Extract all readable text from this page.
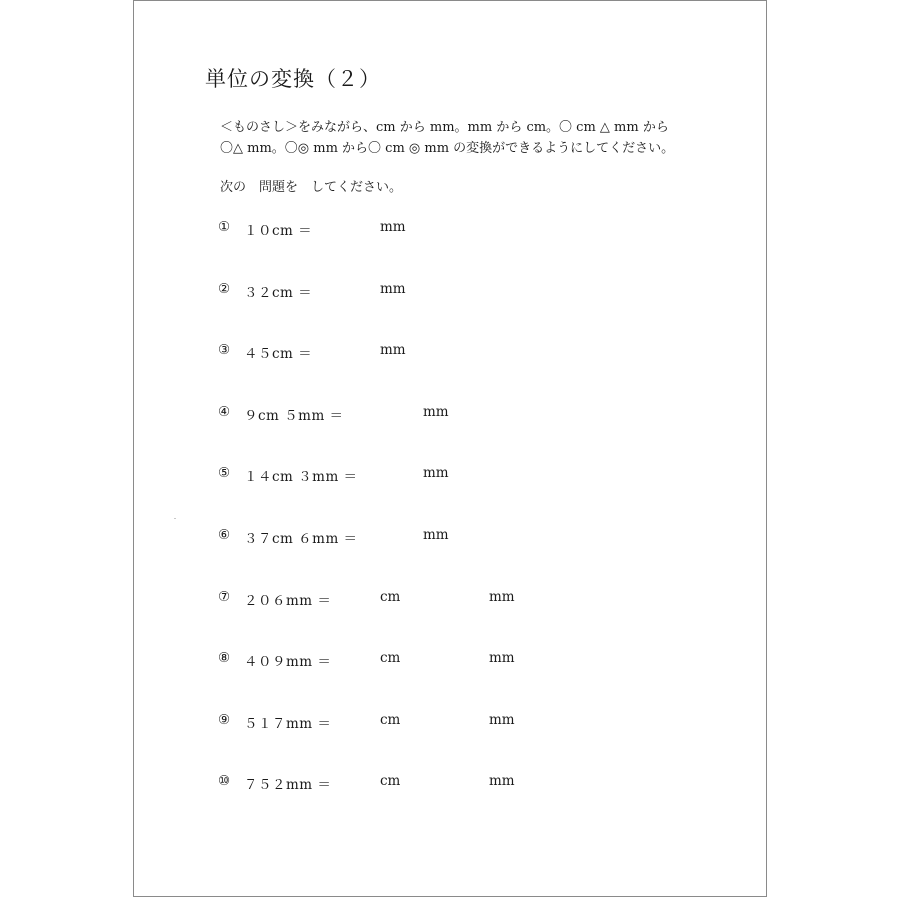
単位の変換（２）
＜ものさし＞をみながら、cm から mm。mm から cm。〇 cm △ mm から
〇△ mm。〇◎ mm から〇 cm ◎ mm の変換ができるようにしてください。
次の　問題を　してください。
① １０cm ＝	mm
② ３２cm ＝	mm
③ ４５cm ＝	mm
④ ９cm ５mm ＝	mm
⑤ １４cm ３mm ＝	mm
⑥ ３７cm ６mm ＝	mm
⑦ ２０６mm ＝	cm	mm
⑧ ４０９mm ＝	cm	mm
⑨ ５１７mm ＝	cm	mm
⑩ ７５２mm ＝	cm	mm
